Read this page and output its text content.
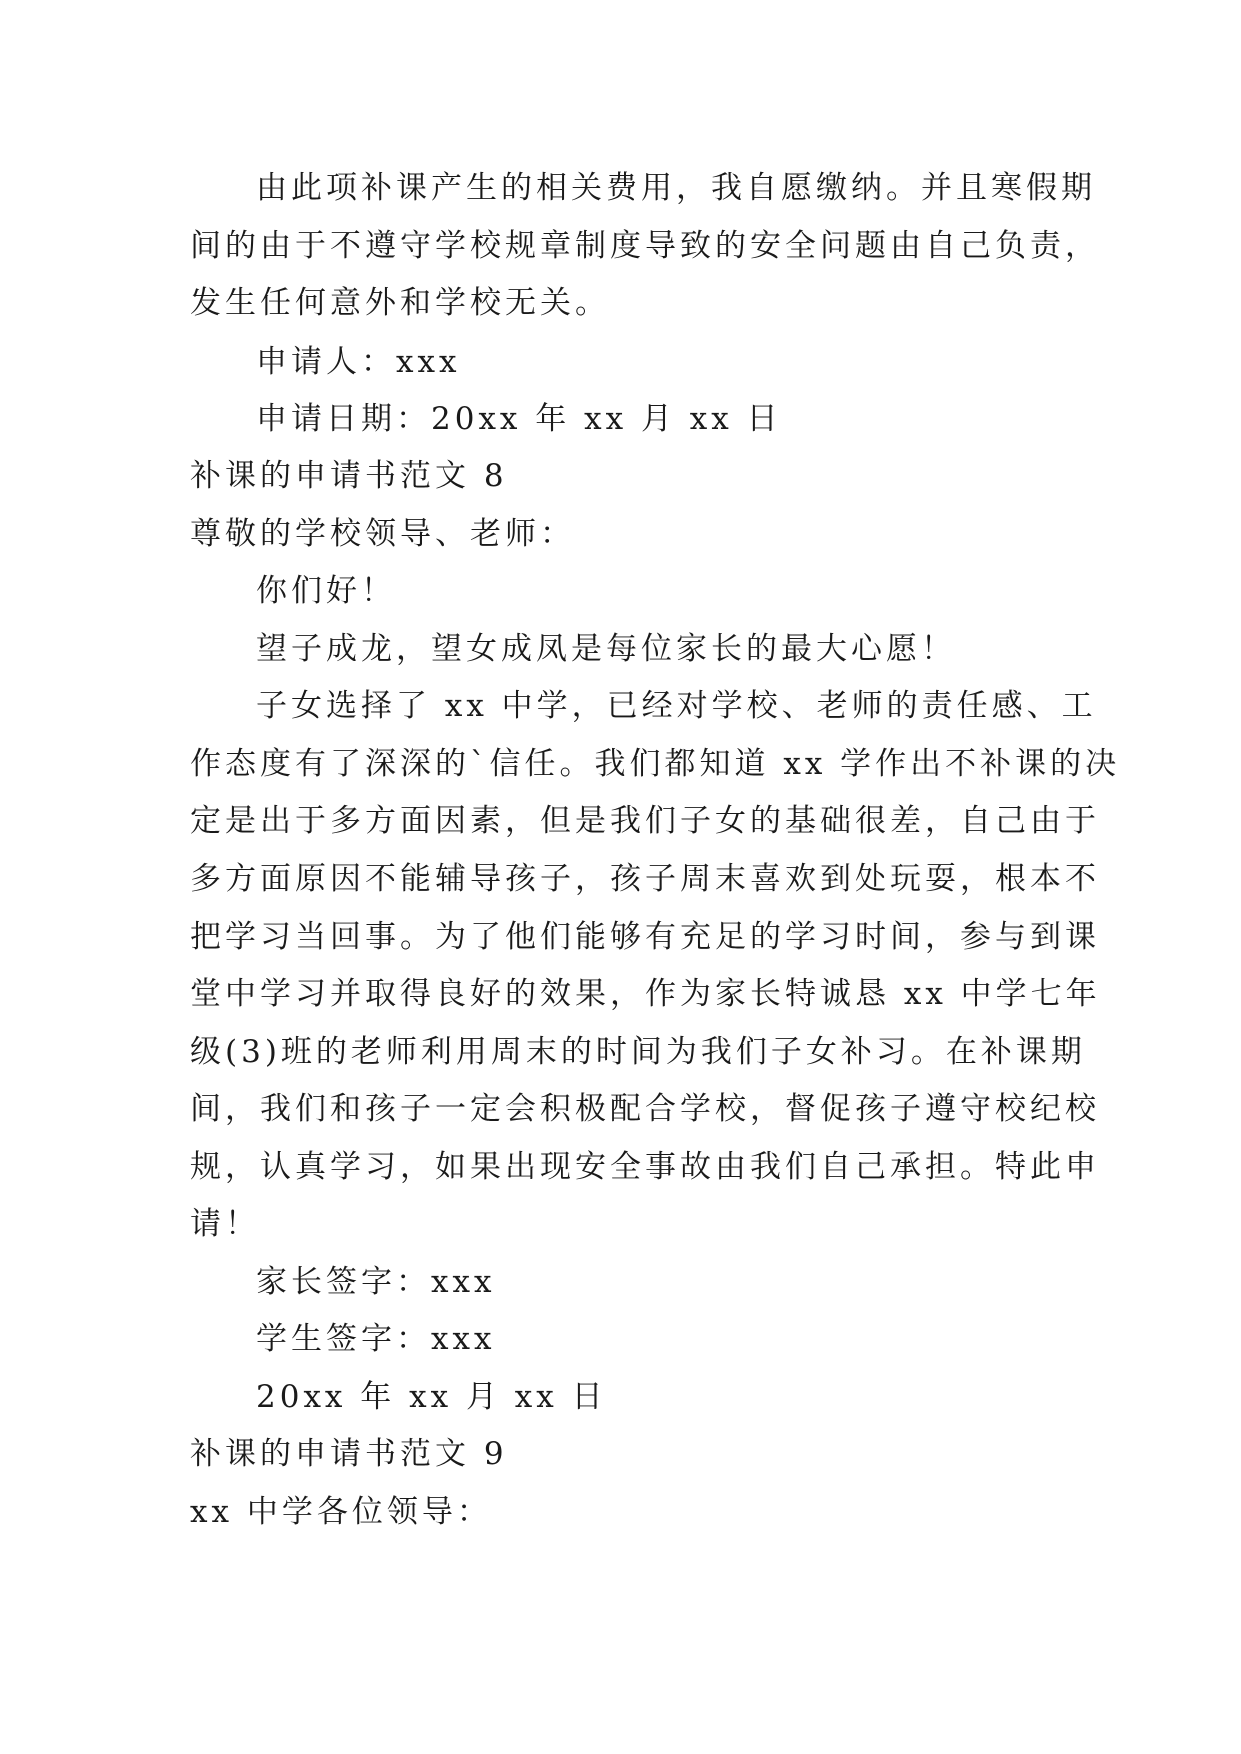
由此项补课产生的相关费用，我自愿缴纳。并且寒假期
间的由于不遵守学校规章制度导致的安全问题由自己负责，
发生任何意外和学校无关。
申请人：xxx
申请日期：20xx 年 xx 月 xx 日
补课的申请书范文 8
尊敬的学校领导、老师：
你们好！
望子成龙，望女成凤是每位家长的最大心愿！
子女选择了 xx 中学，已经对学校、老师的责任感、工
作态度有了深深的`信任。我们都知道 xx 学作出不补课的决
定是出于多方面因素，但是我们子女的基础很差，自己由于
多方面原因不能辅导孩子，孩子周末喜欢到处玩耍，根本不
把学习当回事。为了他们能够有充足的学习时间，参与到课
堂中学习并取得良好的效果，作为家长特诚恳 xx 中学七年
级(3)班的老师利用周末的时间为我们子女补习。在补课期
间，我们和孩子一定会积极配合学校，督促孩子遵守校纪校
规，认真学习，如果出现安全事故由我们自己承担。特此申
请！
家长签字：xxx
学生签字：xxx
20xx 年 xx 月 xx 日
补课的申请书范文 9
xx 中学各位领导：
